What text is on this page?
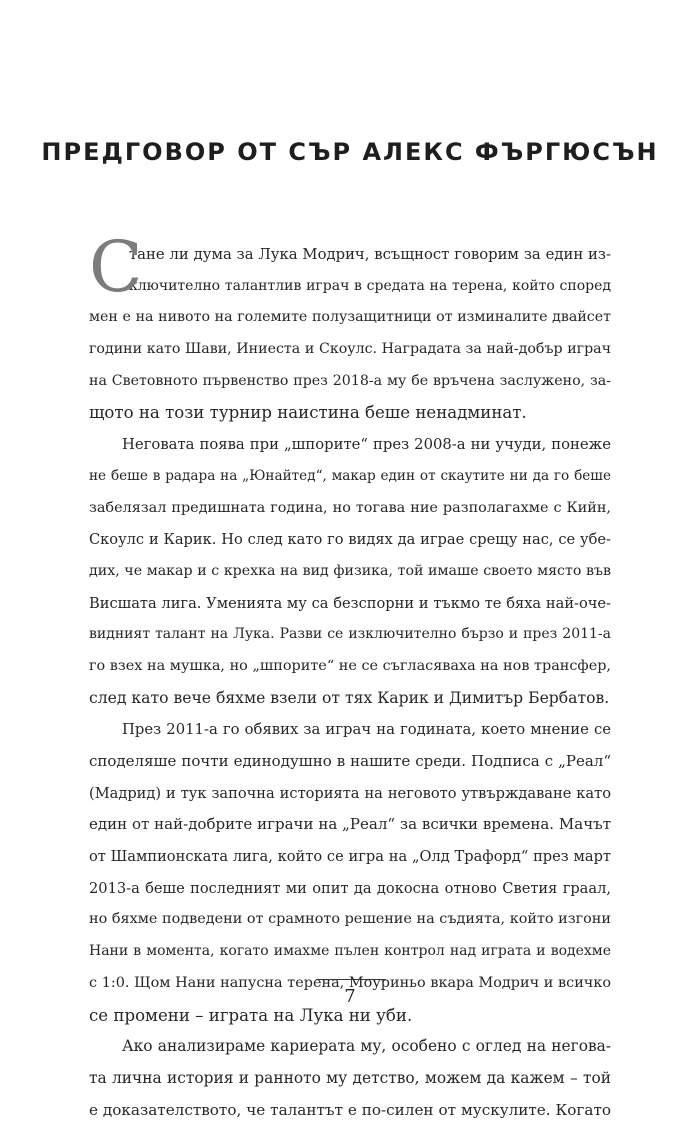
ПРЕДГОВОР ОТ СЪР АЛЕКС ФЪРГЮСЪН
С
тане ли дума за Лука Модрич, всъщност говорим за един из-
ключително талантлив играч в средата на терена, който според
мен е на нивото на големите полузащитници от изминалите двайсет
години като Шави, Иниеста и Скоулс. Наградата за най-добър играч
на Световното първенство през 2018-а му бе връчена заслужено, за-
щото на този турнир наистина беше ненадминат.
Неговата поява при „шпорите“ през 2008-а ни учуди, понеже
не беше в радара на „Юнайтед“, макар един от скаутите ни да го беше
забелязал предишната година, но тогава ние разполагахме с Кийн,
Скоулс и Карик. Но след като го видях да играе срещу нас, се убе-
дих, че макар и с крехка на вид физика, той имаше своето място във
Висшата лига. Уменията му са безспорни и тъкмо те бяха най-оче-
видният талант на Лука. Разви се изключително бързо и през 2011-а
го взех на мушка, но „шпорите“ не се съгласяваха на нов трансфер,
след като вече бяхме взели от тях Карик и Димитър Бербатов.
През 2011-а го обявих за играч на годината, което мнение се
споделяше почти единодушно в нашите среди. Подписа с „Реал“
(Мадрид) и тук започна историята на неговото утвърждаване като
един от най-добрите играчи на „Реал“ за всички времена. Мачът
от Шампионската лига, който се игра на „Олд Трафорд“ през март
2013-а беше последният ми опит да докосна отново Светия граал,
но бяхме подведени от срамното решение на съдията, който изгони
Нани в момента, когато имахме пълен контрол над играта и водехме
с 1:0. Щом Нани напусна терена, Моуриньо вкара Модрич и всичко
се промени – играта на Лука ни уби.
Ако анализираме кариерата му, особено с оглед на негова-
та лична история и ранното му детство, можем да кажем – той
е доказателството, че талантът е по-силен от мускулите. Когато
7
